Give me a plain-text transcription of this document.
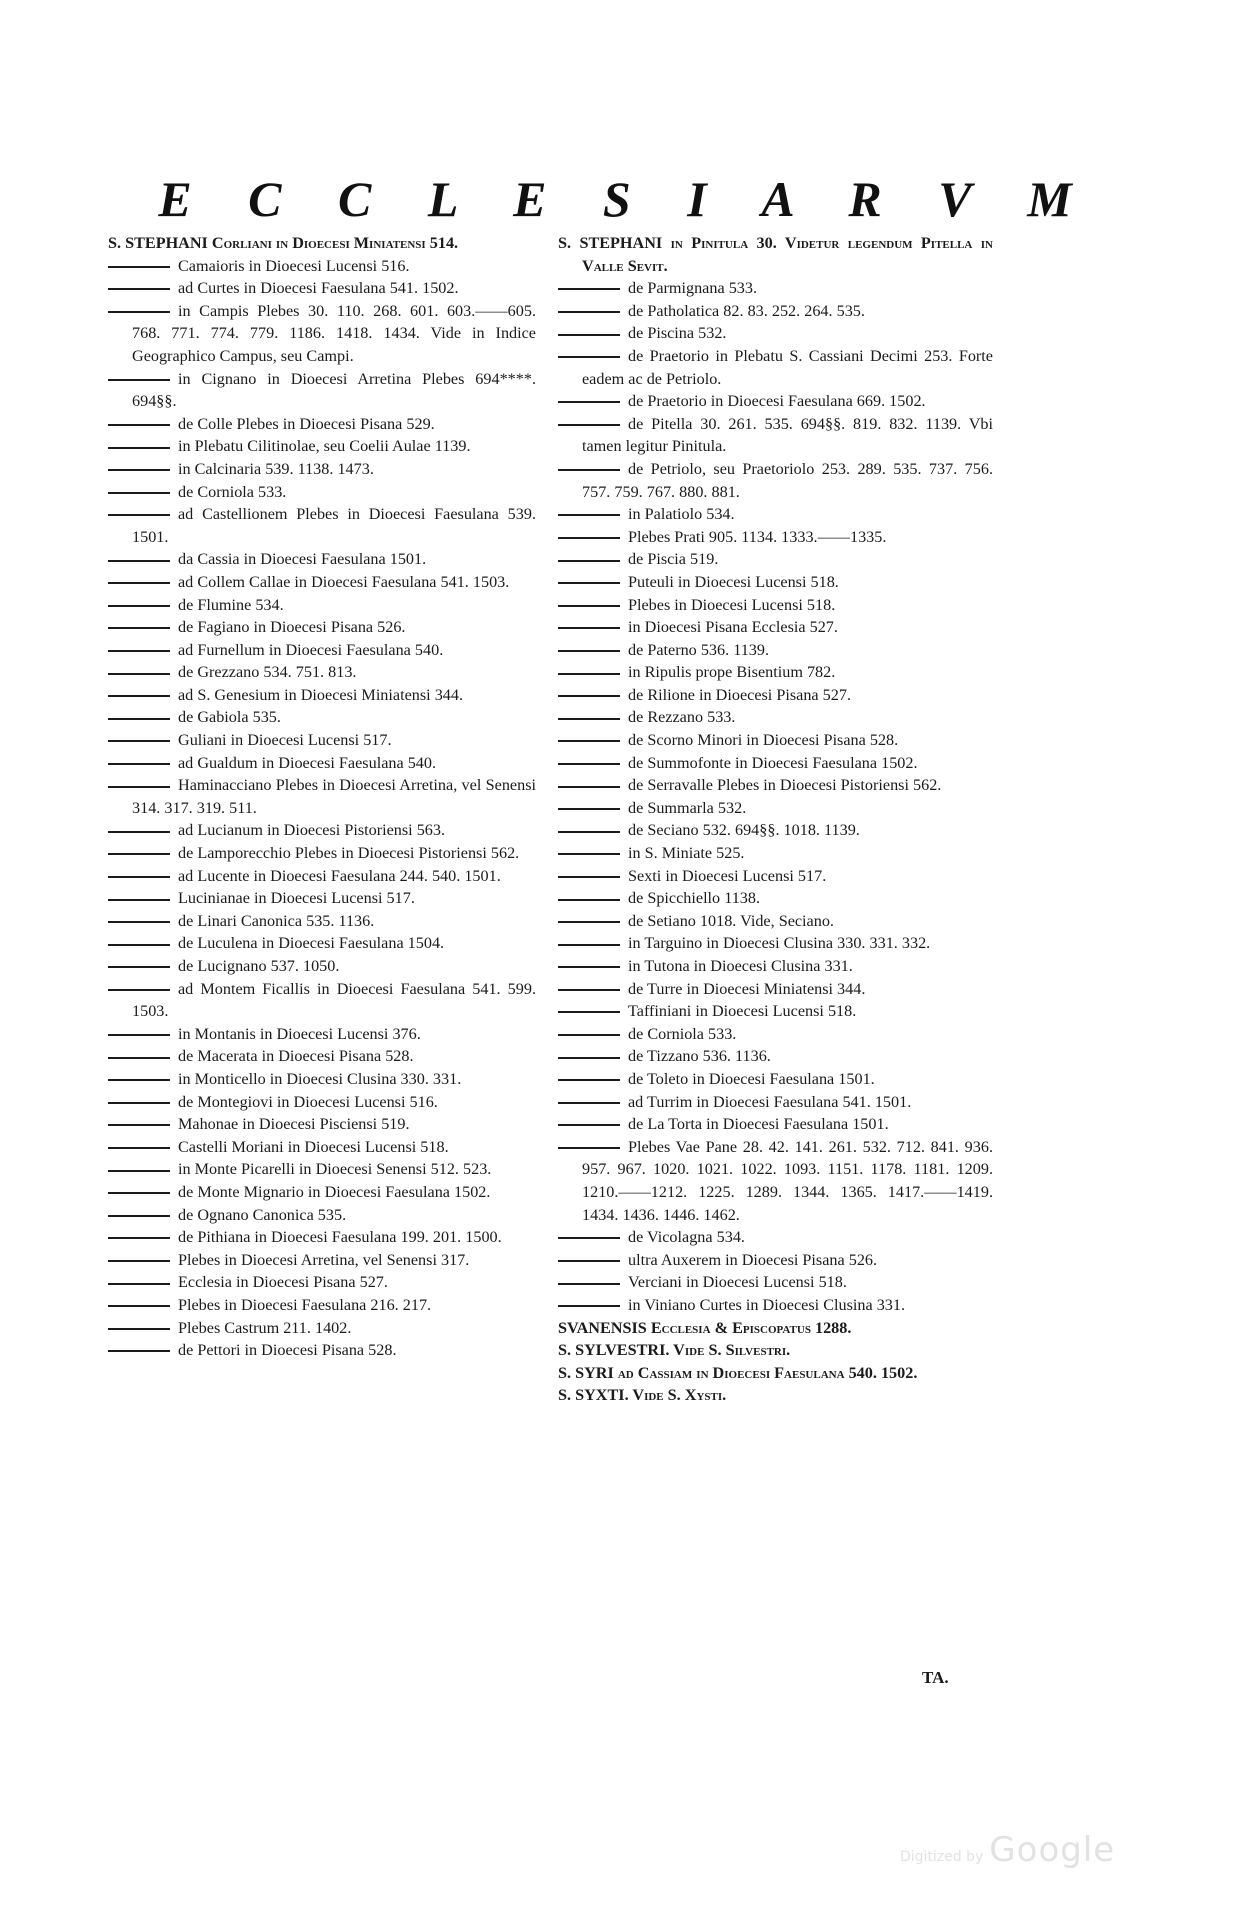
E C C L E S I A R V M
S. STEPHANI Corliani in Dioecesi Miniatensi 514.
Camaioris in Dioecesi Lucensi 516.
ad Curtes in Dioecesi Faesulana 541. 1502.
in Campis Plebes 30. 110. 268. 601. 603.——605. 768. 771. 774. 779. 1186. 1418. 1434. Vide in Indice Geographico Campus, seu Campi.
in Cignano in Dioecesi Arretina Plebes 694****. 694§§.
de Colle Plebes in Dioecesi Pisana 529.
in Plebatu Cilitinolae, seu Coelii Aulae 1139.
in Calcinaria 539. 1138. 1473.
de Corniola 533.
ad Castellionem Plebes in Dioecesi Faesulana 539. 1501.
da Cassia in Dioecesi Faesulana 1501.
ad Collem Callae in Dioecesi Faesulana 541. 1503.
de Flumine 534.
de Fagiano in Dioecesi Pisana 526.
ad Furnellum in Dioecesi Faesulana 540.
de Grezzano 534. 751. 813.
ad S. Genesium in Dioecesi Miniatensi 344.
de Gabiola 535.
Guliani in Dioecesi Lucensi 517.
ad Gualdum in Dioecesi Faesulana 540.
Haminacciano Plebes in Dioecesi Arretina, vel Senensi 314. 317. 319. 511.
ad Lucianum in Dioecesi Pistoriensi 563.
de Lamporecchio Plebes in Dioecesi Pistoriensi 562.
ad Lucente in Dioecesi Faesulana 244. 540. 1501.
Lucinianae in Dioecesi Lucensi 517.
de Linari Canonica 535. 1136.
de Luculena in Dioecesi Faesulana 1504.
de Lucignano 537. 1050.
ad Montem Ficallis in Dioecesi Faesulana 541. 599. 1503.
in Montanis in Dioecesi Lucensi 376.
de Macerata in Dioecesi Pisana 528.
in Monticello in Dioecesi Clusina 330. 331.
de Montegiovi in Dioecesi Lucensi 516.
Mahonae in Dioecesi Pisciensi 519.
Castelli Moriani in Dioecesi Lucensi 518.
in Monte Picarelli in Dioecesi Senensi 512. 523.
de Monte Mignario in Dioecesi Faesulana 1502.
de Ognano Canonica 535.
de Pithiana in Dioecesi Faesulana 199. 201. 1500.
Plebes in Dioecesi Arretina, vel Senensi 317.
Ecclesia in Dioecesi Pisana 527.
Plebes in Dioecesi Faesulana 216. 217.
Plebes Castrum 211. 1402.
de Pettori in Dioecesi Pisana 528.
S. STEPHANI in Pinitula 30. Videtur legendum Pitella in Valle Sevit.
de Parmignana 533.
de Patholatica 82. 83. 252. 264. 535.
de Piscina 532.
de Praetorio in Plebatu S. Cassiani Decimi 253. Forte eadem ac de Petriolo.
de Praetorio in Dioecesi Faesulana 669. 1502.
de Pitella 30. 261. 535. 694§§. 819. 832. 1139. Vbi tamen legitur Pinitula.
de Petriolo, seu Praetoriolo 253. 289. 535. 737. 756. 757. 759. 767. 880. 881.
in Palatiolo 534.
Plebes Prati 905. 1134. 1333.——1335.
de Piscia 519.
Puteuli in Dioecesi Lucensi 518.
Plebes in Dioecesi Lucensi 518.
in Dioecesi Pisana Ecclesia 527.
de Paterno 536. 1139.
in Ripulis prope Bisentium 782.
de Rilione in Dioecesi Pisana 527.
de Rezzano 533.
de Scorno Minori in Dioecesi Pisana 528.
de Summofonte in Dioecesi Faesulana 1502.
de Serravalle Plebes in Dioecesi Pistoriensi 562.
de Summarla 532.
de Seciano 532. 694§§. 1018. 1139.
in S. Miniate 525.
Sexti in Dioecesi Lucensi 517.
de Spicchiello 1138.
de Setiano 1018. Vide, Seciano.
in Targuino in Dioecesi Clusina 330. 331. 332.
in Tutona in Dioecesi Clusina 331.
de Turre in Dioecesi Miniatensi 344.
Taffiniani in Dioecesi Lucensi 518.
de Corniola 533.
de Tizzano 536. 1136.
de Toleto in Dioecesi Faesulana 1501.
ad Turrim in Dioecesi Faesulana 541. 1501.
de La Torta in Dioecesi Faesulana 1501.
Plebes Vae Pane 28. 42. 141. 261. 532. 712. 841. 936. 957. 967. 1020. 1021. 1022. 1093. 1151. 1178. 1181. 1209. 1210.——1212. 1225. 1289. 1344. 1365. 1417.——1419. 1434. 1436. 1446. 1462.
de Vicolagna 534.
ultra Auxerem in Dioecesi Pisana 526.
Verciani in Dioecesi Lucensi 518.
in Viniano Curtes in Dioecesi Clusina 331.
SVANENSIS Ecclesia & Episcopatus 1288.
S. SYLVESTRI. Vide S. Silvestri.
S. SYRI ad Cassiam in Dioecesi Faesulana 540. 1502.
S. SYXTI. Vide S. Xysti.
TA.
Digitized by Google
